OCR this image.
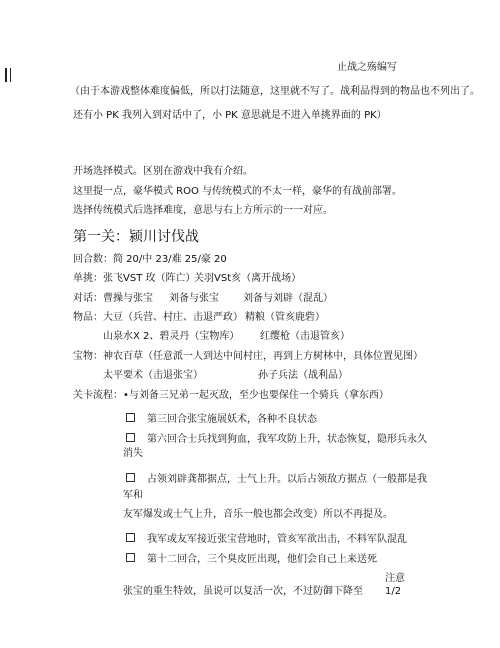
止战之殇编写
（由于本游戏整体难度偏低，所以打法随意，这里就不写了。战利品得到的物品也不列出了。
还有小 PK 我列入到对话中了，小 PK 意思就是不进入单挑界面的 PK）
开场选择模式。区别在游戏中我有介绍。
这里提一点，豪华模式 ROO 与传统模式的不太一样，豪华的有战前部署。
选择传统模式后选择难度，意思与右上方所示的一一对应。
第一关：颍川讨伐战
回合数：简 20/中 23/难 25/豪 20
单挑： 张飞VST 玫（阵亡）
关羽VSt亥（离开战场）
对话： 曹操与张宝 刘备与张宝 刘备与刘辟（混乱）
物品： 大豆（兵营、村庄、击退严政） 精粮（管亥鹿砦）
山泉水X 2、碧灵丹（宝物库） 红缨枪（击退管亥）
宝物： 神农百草（任意派一人到达中间村庄，再到上方树林中，具体位置见图）
太平要术（击退张宝）	孙子兵法（战利品）
关卡流程： •与刘备三兄弟一起灭敌，至少也要保住一个骑兵（拿东西）
第三回合张宝施展妖术，各种不良状态
第六回合士兵找到狗血，我军攻防上升，状态恢复，隐形兵永久
消失
占领刘辟龚都据点，士气上升。以后占领敌方据点（一般都是我
军和
友军爆发或士气上升，音乐一般也都会改变）所以不再提及。
我军或友军接近张宝营地时，管亥军欲出击，不料军队混乱
第十二回合，三个臭皮匠出现，他们会自己上来送死
注意
张宝的重生特效，虽说可以复活一次，不过防御下降至 1/2
